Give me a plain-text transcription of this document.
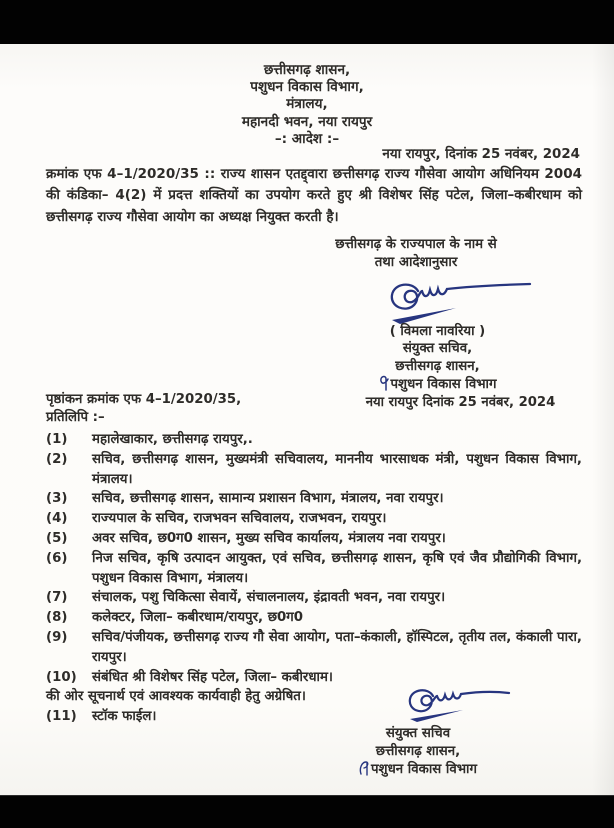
छत्तीसगढ़ शासन,
पशुधन विकास विभाग,
मंत्रालय,
महानदी भवन, नया रायपुर
–: आदेश :–
नया रायपुर, दिनांक 25 नवंबर, 2024
क्रमांक एफ 4–1/2020/35 :: राज्य शासन एतद्द्वारा छत्तीसगढ़ राज्य गौसेवा आयोग अधिनियम 2004 की कंडिका– 4(2) में प्रदत्त शक्तियों का उपयोग करते हुए श्री विशेषर सिंह पटेल, जिला–कबीरधाम को छत्तीसगढ़ राज्य गौसेवा आयोग का अध्यक्ष नियुक्त करती है।
छत्तीसगढ़ के राज्यपाल के नाम से
तथा आदेशानुसार
( विमला नावरिया )
संयुक्त सचिव,
छत्तीसगढ़ शासन,
पशुधन विकास विभाग
नया रायपुर दिनांक 25 नवंबर, 2024
पृष्ठांकन क्रमांक एफ 4–1/2020/35,
प्रतिलिपि :–
(1)	महालेखाकार, छत्तीसगढ़ रायपुर,.
(2)	सचिव, छत्तीसगढ़ शासन, मुख्यमंत्री सचिवालय, माननीय भारसाधक मंत्री, पशुधन विकास विभाग, मंत्रालय।
(3)	सचिव, छत्तीसगढ़ शासन, सामान्य प्रशासन विभाग, मंत्रालय, नवा रायपुर।
(4)	राज्यपाल के सचिव, राजभवन सचिवालय, राजभवन, रायपुर।
(5)	अवर सचिव, छ0ग0 शासन, मुख्य सचिव कार्यालय, मंत्रालय नवा रायपुर।
(6)	निज सचिव, कृषि उत्पादन आयुक्त, एवं सचिव, छत्तीसगढ़ शासन, कृषि एवं जैव प्रौद्योगिकी विभाग, पशुधन विकास विभाग, मंत्रालय।
(7)	संचालक, पशु चिकित्सा सेवायें, संचालनालय, इंद्रावती भवन, नवा रायपुर।
(8)	कलेक्टर, जिला– कबीरधाम/रायपुर, छ0ग0
(9)	सचिव/पंजीयक, छत्तीसगढ़ राज्य गौ सेवा आयोग, पता–कंकाली, हॉस्पिटल, तृतीय तल, कंकाली पारा, रायपुर।
(10)	संबंधित श्री विशेषर सिंह पटेल, जिला– कबीरधाम।
की ओर सूचनार्थ एवं आवश्यक कार्यवाही हेतु अग्रेषित।
(11)	स्टॉक फाईल।
संयुक्त सचिव
छत्तीसगढ़ शासन,
पशुधन विकास विभाग
